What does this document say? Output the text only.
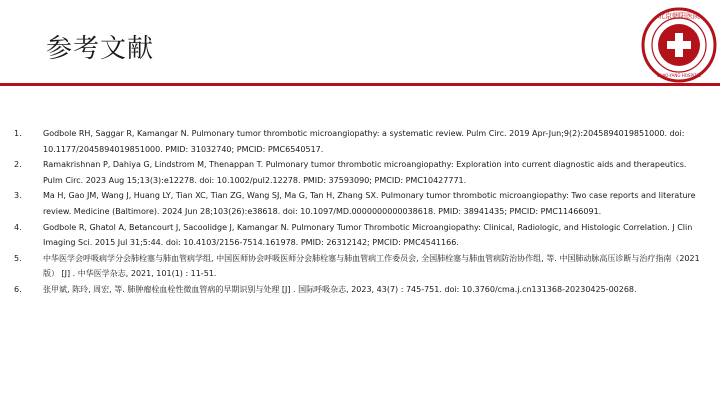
参考文献
北京朝阳医院
CHAO-YANG HOSPITAL
1.	Godbole RH, Saggar R, Kamangar N. Pulmonary tumor thrombotic microangiopathy: a systematic review. Pulm Circ. 2019 Apr-Jun;9(2):2045894019851000. doi: 10.1177/2045894019851000. PMID: 31032740; PMCID: PMC6540517.
2.	Ramakrishnan P, Dahiya G, Lindstrom M, Thenappan T. Pulmonary tumor thrombotic microangiopathy: Exploration into current diagnostic aids and therapeutics. Pulm Circ. 2023 Aug 15;13(3):e12278. doi: 10.1002/pul2.12278. PMID: 37593090; PMCID: PMC10427771.
3.	Ma H, Gao JM, Wang J, Huang LY, Tian XC, Tian ZG, Wang SJ, Ma G, Tan H, Zhang SX. Pulmonary tumor thrombotic microangiopathy: Two case reports and literature review. Medicine (Baltimore). 2024 Jun 28;103(26):e38618. doi: 10.1097/MD.0000000000038618. PMID: 38941435; PMCID: PMC11466091.
4.	Godbole R, Ghatol A, Betancourt J, Sacoolidge J, Kamangar N. Pulmonary Tumor Thrombotic Microangiopathy: Clinical, Radiologic, and Histologic Correlation. J Clin Imaging Sci. 2015 Jul 31;5:44. doi: 10.4103/2156-7514.161978. PMID: 26312142; PMCID: PMC4541166.
5.	中华医学会呼吸病学分会肺栓塞与肺血管病学组, 中国医师协会呼吸医师分会肺栓塞与肺血管病工作委员会, 全国肺栓塞与肺血管病防治协作组, 等. 中国肺动脉高压诊断与治疗指南（2021版） [J] . 中华医学杂志, 2021, 101(1) : 11-51.
6.	张甲斌, 陈玲, 周宏, 等. 肺肿瘤栓血栓性微血管病的早期识别与处理 [J] . 国际呼吸杂志, 2023, 43(7) : 745-751. doi: 10.3760/cma.j.cn131368-20230425-00268.
